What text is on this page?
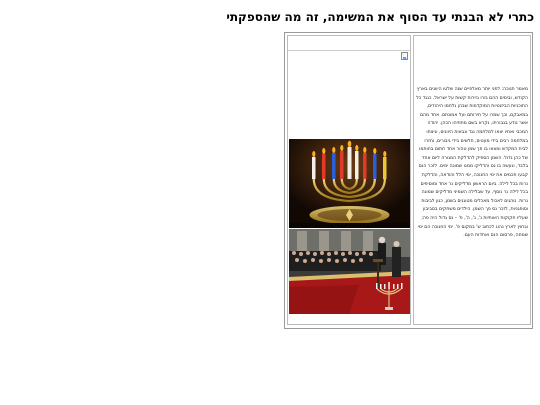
כתרי לא הבנתי עד הסוף את המשימה, זה מה שהספקתי

מאמר תנוכה: לפני יותר מאלפיים שנה שלטו היוונים בארץ הקודש, ובימים ההם גזרו גזירות קשות על ישראל. כנגד כל התוכניות הביזנטיות המוקדמות שבהן נלחמו היהודים, במאבקם, וכך שמרו על חירותם ועל אמונתם. אחד מהם אשר נודע בגבורתו, נקרא בשם מתתיהו הכהן. יהודה המכבי ואחיו יצאו למלחמה נגד צבאות היוונים, וניצחו במלחמה רבים בידי מעטים, חלשים בידי גיבורים, וחזרו לבית המקדש ומצאו בו פך שמן טהור אחד חתום בחותמו של כהן גדול. השמן הספיק להדלקת המנורה ליום אחד בלבד, ונעשה בו נס והדליקו ממנו שמונה ימים. לזכר הנס קבעו חכמים את ימי החנוכה, ימי הלל והודאה, והדלקת נרות בכל לילה. ביום הראשון מדליקים נר אחד ומוסיפים בכל לילה נר נוסף, עד שבלילה השמיני מדליקים שמונה נרות. נוהגים לאכול מאכלים מטוגנים בשמן, כגון לביבות וסופגניות, לזכר נס פך השמן. הילדים משחקים בסביבון שעליו חקוקות האותיות נ', ג', ה', פ' – נס גדול היה פה; ובחוץ לארץ נהוג לכתוב ש' במקום פ'. ימי החנוכה הם ימי שמחה, פרסום הנס ואחדות העם.
